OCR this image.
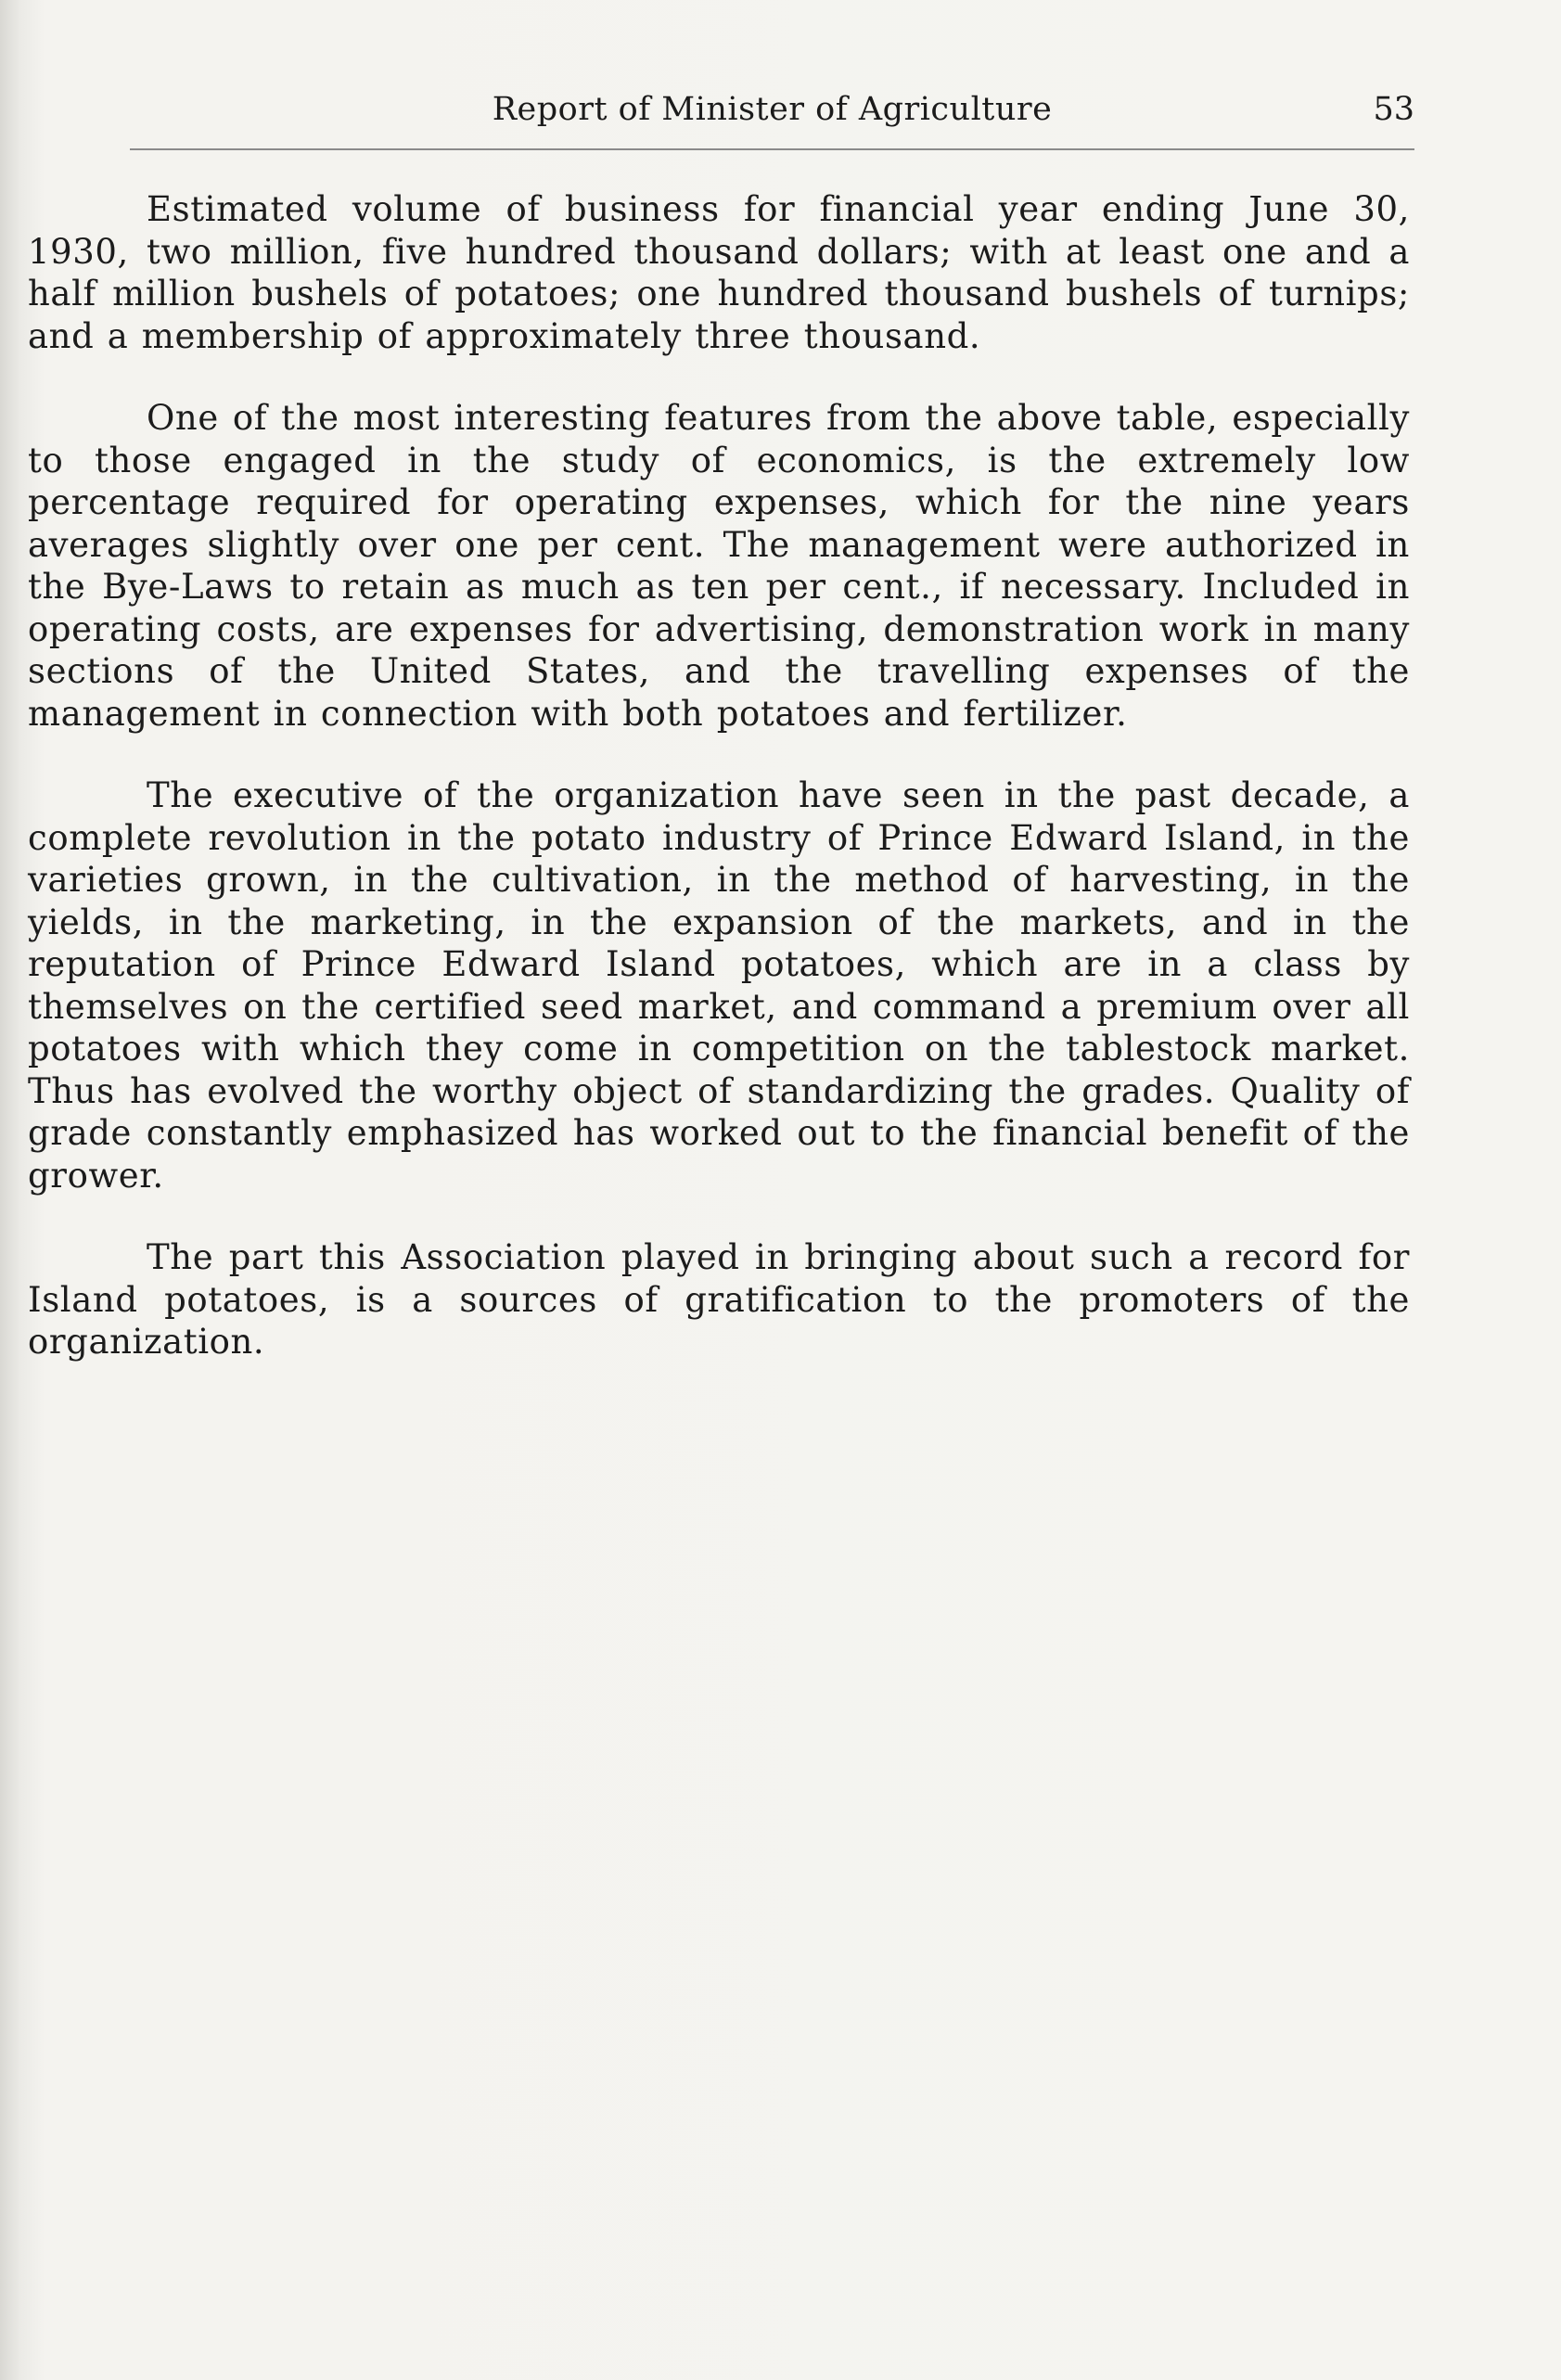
Report of Minister of Agriculture	53

Estimated volume of business for financial year ending June 30, 1930, two million, five hundred thousand dollars; with at least one and a half million bushels of potatoes; one hundred thousand bushels of turnips; and a membership of approximately three thousand.

One of the most interesting features from the above table, especially to those engaged in the study of economics, is the extremely low percentage required for operating expenses, which for the nine years averages slightly over one per cent. The management were authorized in the Bye-Laws to retain as much as ten per cent., if necessary. Included in operating costs, are expenses for advertising, demonstration work in many sections of the United States, and the travelling expenses of the management in connection with both potatoes and fertilizer.

The executive of the organization have seen in the past decade, a complete revolution in the potato industry of Prince Edward Island, in the varieties grown, in the cultivation, in the method of harvesting, in the yields, in the marketing, in the expansion of the markets, and in the reputation of Prince Edward Island potatoes, which are in a class by themselves on the certified seed market, and command a premium over all potatoes with which they come in competition on the tablestock market. Thus has evolved the worthy object of standardizing the grades. Quality of grade constantly emphasized has worked out to the financial benefit of the grower.

The part this Association played in bringing about such a record for Island potatoes, is a sources of gratification to the promoters of the organization.
